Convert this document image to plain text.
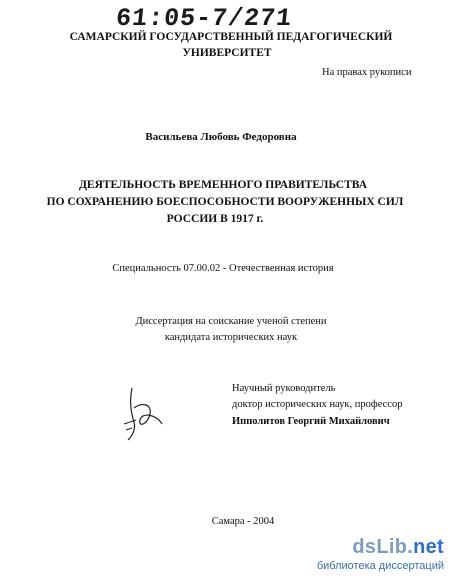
61:05-7/271
САМАРСКИЙ ГОСУДАРСТВЕННЫЙ ПЕДАГОГИЧЕСКИЙ
УНИВЕРСИТЕТ
На правах рукописи
Васильева Любовь Федоровна
ДЕЯТЕЛЬНОСТЬ ВРЕМЕННОГО ПРАВИТЕЛЬСТВА
ПО СОХРАНЕНИЮ БОЕСПОСОБНОСТИ ВООРУЖЕННЫХ СИЛ
РОССИИ В 1917 г.
Специальность 07.00.02 - Отечественная история
Диссертация на соискание ученой степени
кандидата исторических наук
Научный руководитель
доктор исторических наук, профессор
Ипполитов Георгий Михайлович
Самара - 2004
dsLib.net
библиотека диссертаций
